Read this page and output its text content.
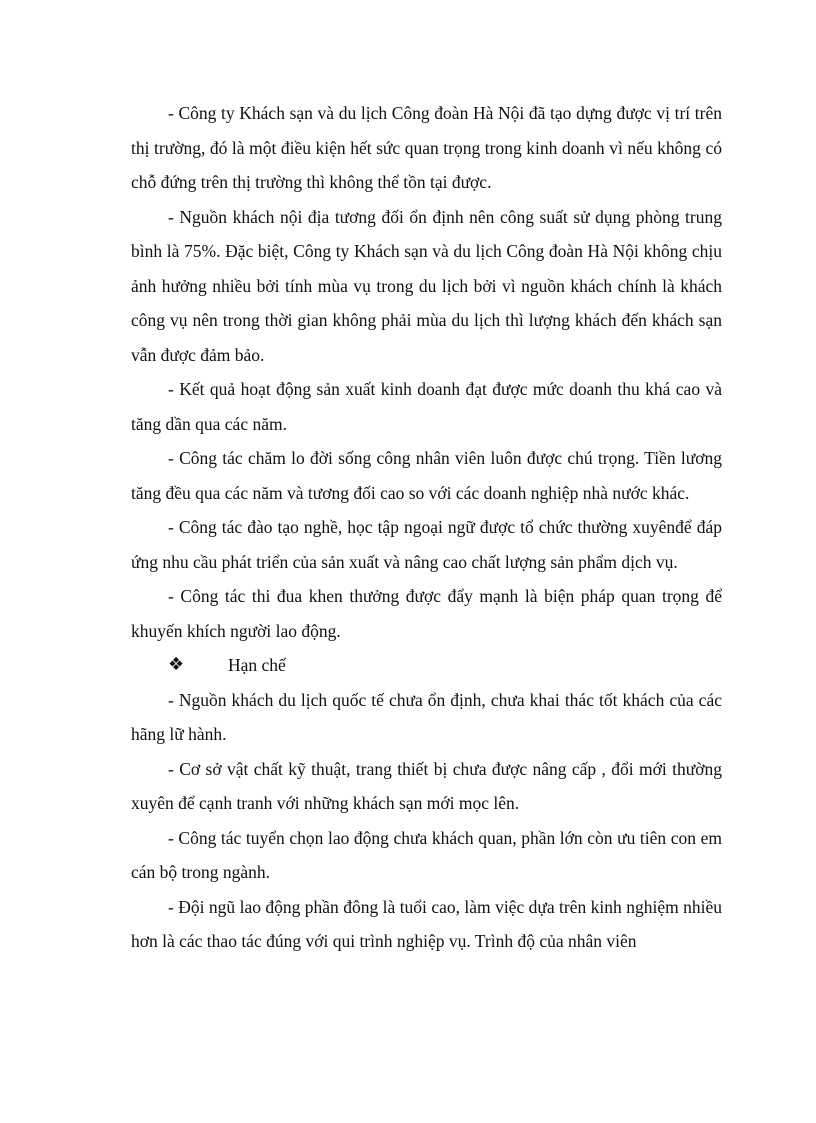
- Công ty Khách sạn và du lịch Công đoàn Hà Nội đã tạo dựng được vị trí trên thị trường, đó là một điều kiện hết sức quan trọng trong kinh doanh vì nếu không có chỗ đứng trên thị trường thì không thể tồn tại được.

- Nguồn khách nội địa tương đối ổn định nên công suất sử dụng phòng trung bình là 75%. Đặc biệt, Công ty Khách sạn và du lịch Công đoàn Hà Nội không chịu ảnh hưởng nhiều bởi tính mùa vụ trong du lịch bởi vì nguồn khách chính là khách công vụ nên trong thời gian không phải mùa du lịch thì lượng khách đến khách sạn vẫn được đảm bảo.

- Kết quả hoạt động sản xuất kinh doanh đạt được mức doanh thu khá cao và tăng dần qua các năm.

- Công tác chăm lo đời sống công nhân viên luôn được chú trọng. Tiền lương tăng đều qua các năm và tương đối cao so với các doanh nghiệp nhà nước khác.

- Công tác đào tạo nghề, học tập ngoại ngữ được tổ chức thường xuyênđể đáp ứng nhu cầu phát triển của sản xuất và nâng cao chất lượng sản phẩm dịch vụ.

- Công tác thi đua khen thưởng được đẩy mạnh là biện pháp quan trọng để khuyến khích người lao động.

❖	Hạn chế

- Nguồn khách du lịch quốc tế chưa ổn định, chưa khai thác tốt khách của các hãng lữ hành.

- Cơ sở vật chất kỹ thuật, trang thiết bị chưa được nâng cấp , đổi mới thường xuyên để cạnh tranh với những khách sạn mới mọc lên.

- Công tác tuyển chọn lao động chưa khách quan, phần lớn còn ưu tiên con em cán bộ trong ngành.

- Đội ngũ lao động phần đông là tuổi cao, làm việc dựa trên kinh nghiệm nhiều hơn là các thao tác đúng với qui trình nghiệp vụ. Trình độ của nhân viên
